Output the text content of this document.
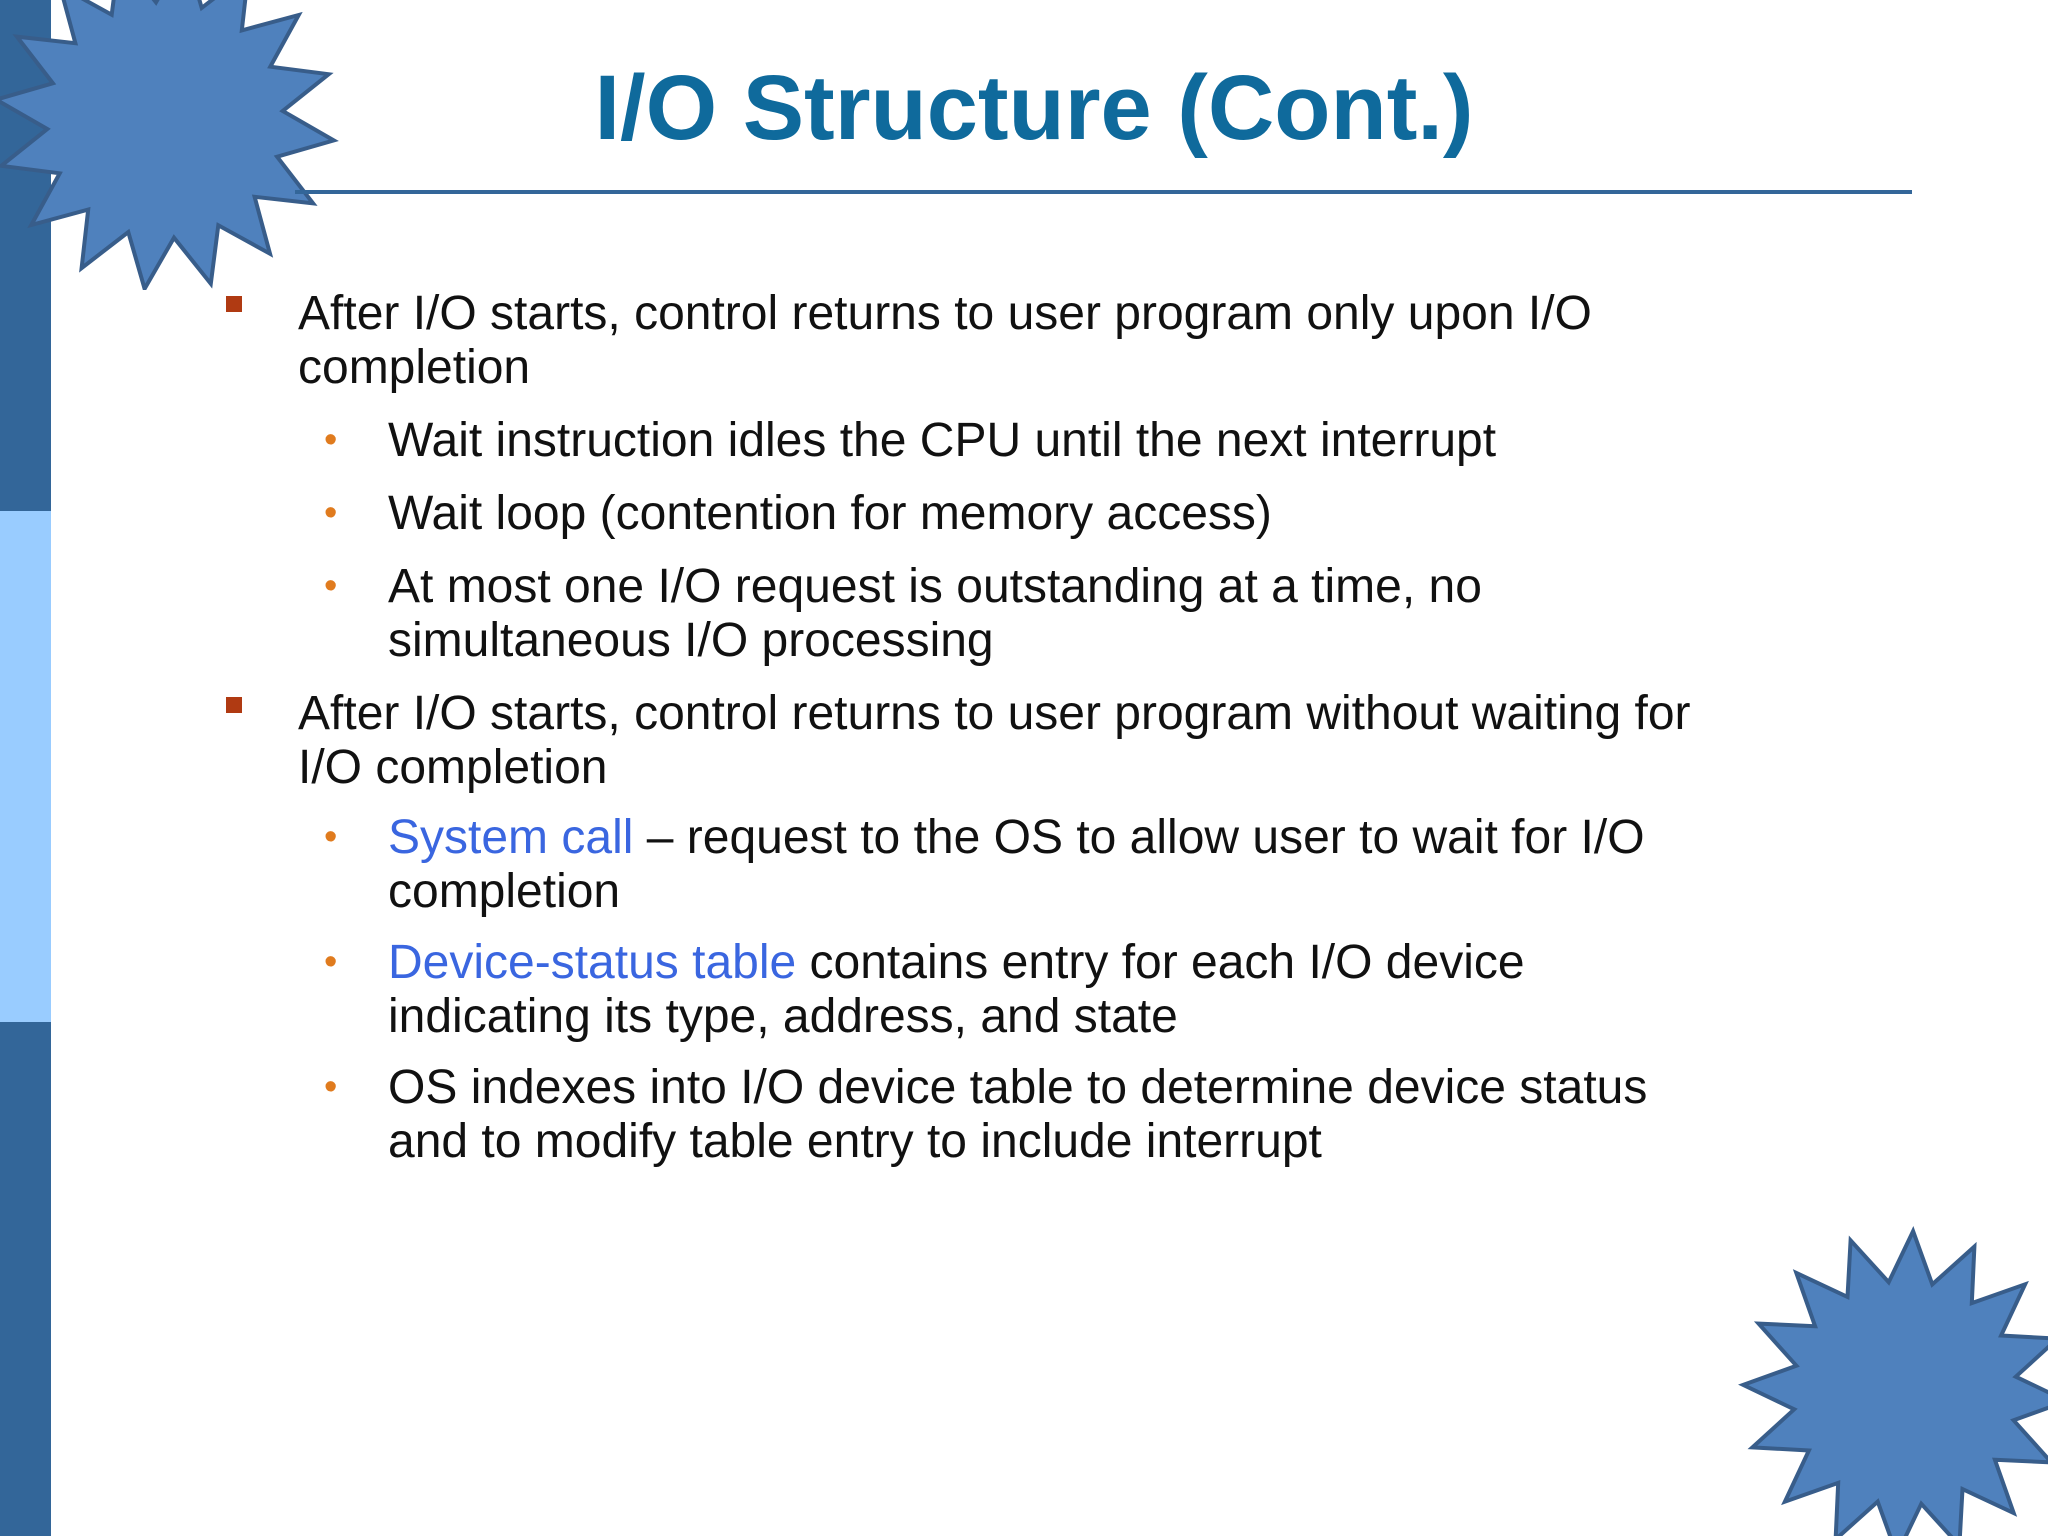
I/O Structure (Cont.)
After I/O starts, control returns to user program only upon I/O
completion
• Wait instruction idles the CPU until the next interrupt
• Wait loop (contention for memory access)
• At most one I/O request is outstanding at a time, no
simultaneous I/O processing
After I/O starts, control returns to user program without waiting for
I/O completion
• System call – request to the OS to allow user to wait for I/O
completion
• Device-status table contains entry for each I/O device
indicating its type, address, and state
• OS indexes into I/O device table to determine device status
and to modify table entry to include interrupt
